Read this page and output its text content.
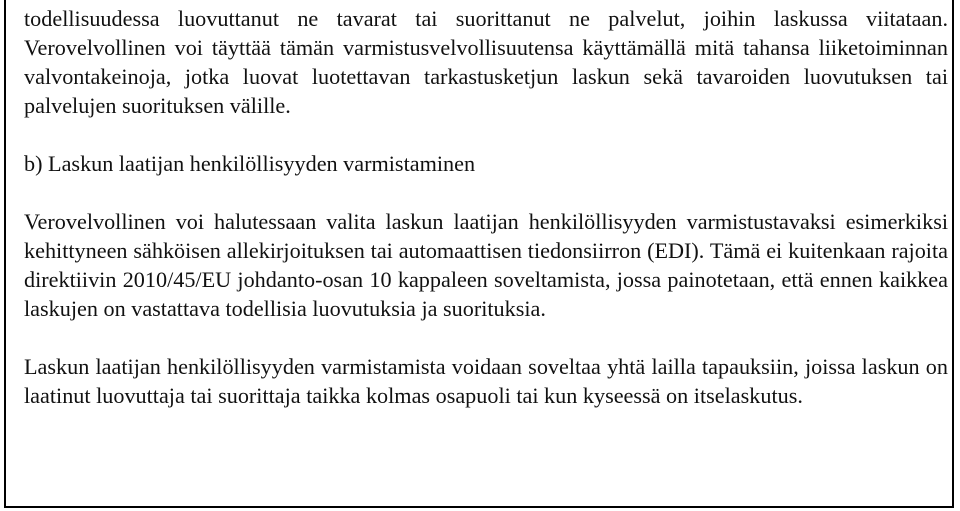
todellisuudessa luovuttanut ne tavarat tai suorittanut ne palvelut, joihin laskussa viitataan. Verovelvollinen voi täyttää tämän varmistusvelvollisuutensa käyttämällä mitä tahansa liiketoiminnan valvontakeinoja, jotka luovat luotettavan tarkastusketjun laskun sekä tavaroiden luovutuksen tai palvelujen suorituksen välille.

b) Laskun laatijan henkilöllisyyden varmistaminen

Verovelvollinen voi halutessaan valita laskun laatijan henkilöllisyyden varmistustavaksi esimerkiksi kehittyneen sähköisen allekirjoituksen tai automaattisen tiedonsiirron (EDI). Tämä ei kuitenkaan rajoita direktiivin 2010/45/EU johdanto-osan 10 kappaleen soveltamista, jossa painotetaan, että ennen kaikkea laskujen on vastattava todellisia luovutuksia ja suorituksia.

Laskun laatijan henkilöllisyyden varmistamista voidaan soveltaa yhtä lailla tapauksiin, joissa laskun on laatinut luovuttaja tai suorittaja taikka kolmas osapuoli tai kun kyseessä on itselaskutus.
